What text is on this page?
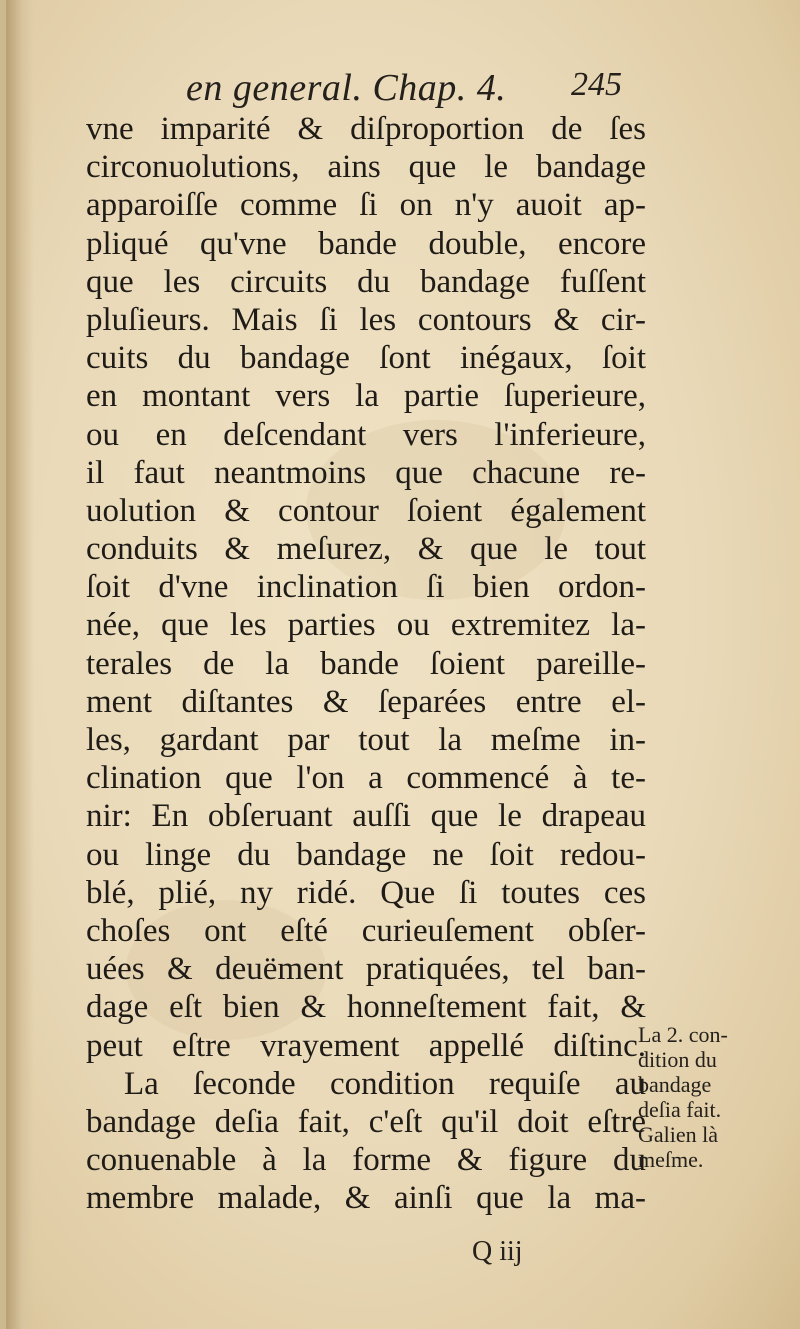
en general. Chap. 4. 245
vne imparité & diſproportion de ſes
circonuolutions, ains que le bandage
apparoiſſe comme ſi on n'y auoit ap-
pliqué qu'vne bande double, encore
que les circuits du bandage fuſſent
pluſieurs. Mais ſi les contours & cir-
cuits du bandage ſont inégaux, ſoit
en montant vers la partie ſuperieure,
ou en deſcendant vers l'inferieure,
il faut neantmoins que chacune re-
uolution & contour ſoient également
conduits & meſurez, & que le tout
ſoit d'vne inclination ſi bien ordon-
née, que les parties ou extremitez la-
terales de la bande ſoient pareille-
ment diſtantes & ſeparées entre el-
les, gardant par tout la meſme in-
clination que l'on a commencé à te-
nir: En obſeruant auſſi que le drapeau
ou linge du bandage ne ſoit redou-
blé, plié, ny ridé. Que ſi toutes ces
choſes ont eſté curieuſement obſer-
uées & deuëment pratiquées, tel ban-
dage eſt bien & honneſtement fait, &
peut eſtre vrayement appellé diſtinc.
La ſeconde condition requiſe au
bandage deſia fait, c'eſt qu'il doit eſtre
conuenable à la forme & figure du
membre malade, & ainſi que la ma-
La 2. con-
dition du
bandage
deſia fait.
Galien là
meſme.
Q iij
